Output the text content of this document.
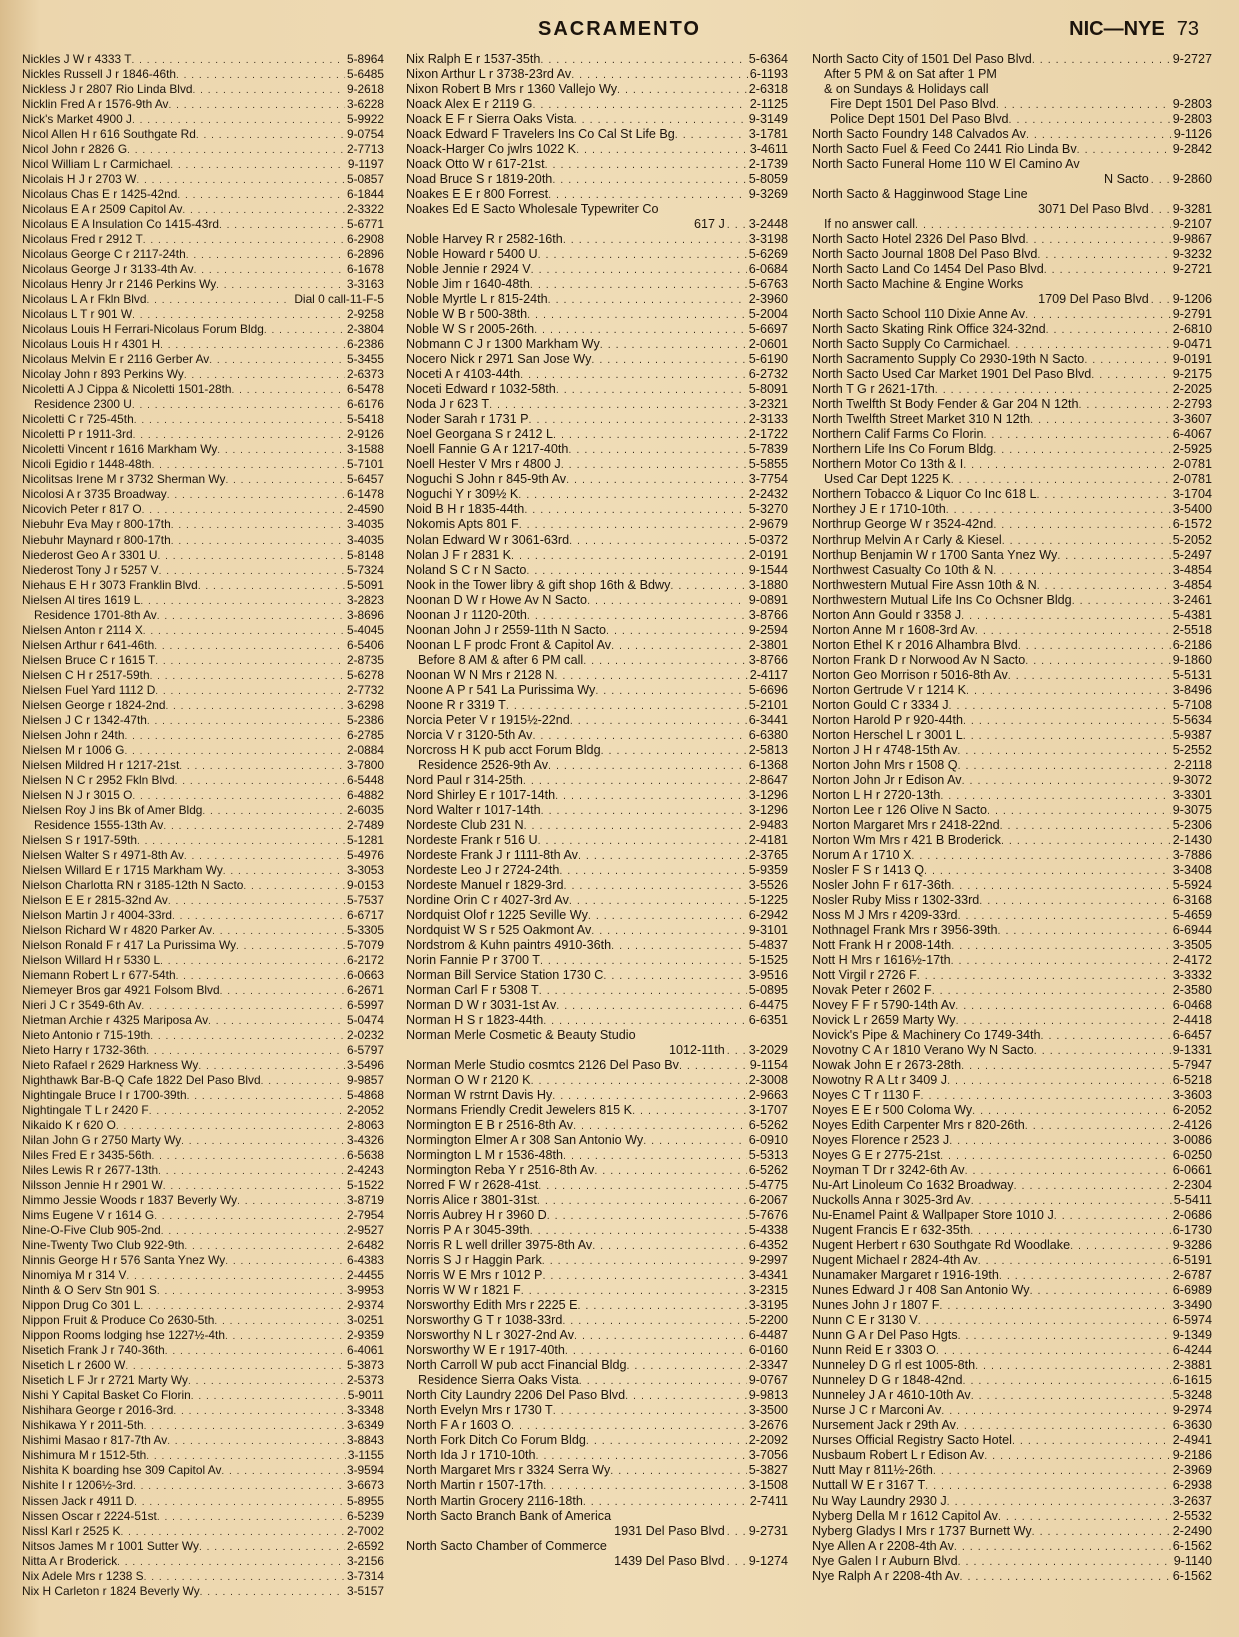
SACRAMENTO	NIC—NYE 73
Nickles J W r 4333 T . . .	5-8964
Nickles Russell J r 1846-46th . . .	5-6485
Nickless J r 2807 Rio Linda Blvd . . .	9-2618
Nicklin Fred A r 1576-9th Av . . .	3-6228
Nick's Market 4900 J . . .	5-9922
Nicol Allen H r 616 Southgate Rd . . .	9-0754
Nicol John r 2826 G . . .	2-7713
Nicol William L r Carmichael . . .	9-1197
Nicolais H J r 2703 W . . .	5-0857
Nicolaus Chas E r 1425-42nd . . .	6-1844
Nicolaus E A r 2509 Capitol Av . . .	2-3322
Nicolaus E A Insulation Co 1415-43rd . . .	5-6771
Nicolaus Fred r 2912 T . . .	6-2908
Nicolaus George C r 2117-24th . . .	6-2896
Nicolaus George J r 3133-4th Av . . .	6-1678
Nicolaus Henry Jr r 2146 Perkins Wy . . .	3-3163
Nicolaus L A r Fkln Blvd . . .	Dial 0 call-11-F-5
Nicolaus L T r 901 W . . .	2-9258
Nicolaus Louis H Ferrari-Nicolaus Forum Bldg . . .	2-3804
Nicolaus Louis H r 4301 H . . .	6-2386
Nicolaus Melvin E r 2116 Gerber Av . . .	5-3455
Nicolay John r 893 Perkins Wy . . .	2-6373
Nicoletti A J Cippa & Nicoletti 1501-28th . . .	6-5478
Residence 2300 U . . .	6-6176
Nicoletti C r 725-45th . . .	5-5418
Nicoletti P r 1911-3rd . . .	2-9126
Nicoletti Vincent r 1616 Markham Wy . . .	3-1588
Nicoli Egidio r 1448-48th . . .	5-7101
Nicolitsas Irene M r 3732 Sherman Wy . . .	5-6457
Nicolosi A r 3735 Broadway . . .	6-1478
Nicovich Peter r 817 O . . .	2-4590
Niebuhr Eva May r 800-17th . . .	3-4035
Niebuhr Maynard r 800-17th . . .	3-4035
Niederost Geo A r 3301 U . . .	5-8148
Niederost Tony J r 5257 V . . .	5-7324
Niehaus E H r 3073 Franklin Blvd . . .	5-5091
Nielsen Al tires 1619 L . . .	3-2823
Residence 1701-8th Av . . .	3-8696
Nielsen Anton r 2114 X . . .	5-4045
Nielsen Arthur r 641-46th . . .	6-5406
Nielsen Bruce C r 1615 T . . .	2-8735
Nielsen C H r 2517-59th . . .	5-6278
Nielsen Fuel Yard 1112 D . . .	2-7732
Nielsen George r 1824-2nd . . .	3-6298
Nielsen J C r 1342-47th . . .	5-2386
Nielsen John r 24th . . .	6-2785
Nielsen M r 1006 G . . .	2-0884
Nielsen Mildred H r 1217-21st . . .	3-7800
Nielsen N C r 2952 Fkln Blvd . . .	6-5448
Nielsen N J r 3015 O . . .	6-4882
Nielsen Roy J ins Bk of Amer Bldg . . .	2-6035
Residence 1555-13th Av . . .	2-7489
Nielsen S r 1917-59th . . .	5-1281
Nielsen Walter S r 4971-8th Av . . .	5-4976
Nielsen Willard E r 1715 Markham Wy . . .	3-3053
Nielson Charlotta RN r 3185-12th N Sacto . . .	9-0153
Nielson E E r 2815-32nd Av . . .	5-7537
Nielson Martin J r 4004-33rd . . .	6-6717
Nielson Richard W r 4820 Parker Av . . .	5-3305
Nielson Ronald F r 417 La Purissima Wy . . .	5-7079
Nielson Willard H r 5330 L . . .	6-2172
Niemann Robert L r 677-54th . . .	6-0663
Niemeyer Bros gar 4921 Folsom Blvd . . .	6-2671
Nieri J C r 3549-6th Av . . .	6-5997
Nietman Archie r 4325 Mariposa Av . . .	5-0474
Nieto Antonio r 715-19th . . .	2-0232
Nieto Harry r 1732-36th . . .	6-5797
Nieto Rafael r 2629 Harkness Wy . . .	3-5496
Nighthawk Bar-B-Q Cafe 1822 Del Paso Blvd . . .	9-9857
Nightingale Bruce I r 1700-39th . . .	5-4868
Nightingale T L r 2420 F . . .	2-2052
Nikaido K r 620 O . . .	2-8063
Nilan John G r 2750 Marty Wy . . .	3-4326
Niles Fred E r 3435-56th . . .	6-5638
Niles Lewis R r 2677-13th . . .	2-4243
Nilsson Jennie H r 2901 W . . .	5-1522
Nimmo Jessie Woods r 1837 Beverly Wy . . .	3-8719
Nims Eugene V r 1614 G . . .	2-7954
Nine-O-Five Club 905-2nd . . .	2-9527
Nine-Twenty Two Club 922-9th . . .	2-6482
Ninnis George H r 576 Santa Ynez Wy . . .	6-4383
Ninomiya M r 314 V . . .	2-4455
Ninth & O Serv Stn 901 S . . .	3-9953
Nippon Drug Co 301 L . . .	2-9374
Nippon Fruit & Produce Co 2630-5th . . .	3-0251
Nippon Rooms lodging hse 1227½-4th . . .	2-9359
Nisetich Frank J r 740-36th . . .	6-4061
Nisetich L r 2600 W . . .	5-3873
Nisetich L F Jr r 2721 Marty Wy . . .	2-5373
Nishi Y Capital Basket Co Florin . . .	5-9011
Nishihara George r 2016-3rd . . .	3-3348
Nishikawa Y r 2011-5th . . .	3-6349
Nishimi Masao r 817-7th Av . . .	3-8843
Nishimura M r 1512-5th . . .	3-1155
Nishita K boarding hse 309 Capitol Av . . .	3-9594
Nishite I r 1206½-3rd . . .	3-6673
Nissen Jack r 4911 D . . .	5-8955
Nissen Oscar r 2224-51st . . .	6-5239
Nissl Karl r 2525 K . . .	2-7002
Nitsos James M r 1001 Sutter Wy . . .	2-6592
Nitta A r Broderick . . .	3-2156
Nix Adele Mrs r 1238 S . . .	3-7314
Nix H Carleton r 1824 Beverly Wy . . .	3-5157
Nix Ralph E r 1537-35th . . .	5-6364
Nixon Arthur L r 3738-23rd Av . . .	6-1193
Nixon Robert B Mrs r 1360 Vallejo Wy . . .	2-6318
Noack Alex E r 2119 G . . .	2-1125
Noack E F r Sierra Oaks Vista . . .	9-3149
Noack Edward F Travelers Ins Co Cal St Life Bg . . .	3-1781
Noack-Harger Co jwlrs 1022 K . . .	3-4611
Noack Otto W r 617-21st . . .	2-1739
Noad Bruce S r 1819-20th . . .	5-8059
Noakes E E r 800 Forrest . . .	9-3269
Noakes Ed E Sacto Wholesale Typewriter Co
617 J . . . 3-2448
Noble Harvey R r 2582-16th . . .	3-3198
Noble Howard r 5400 U . . .	5-6269
Noble Jennie r 2924 V . . .	6-0684
Noble Jim r 1640-48th . . .	5-6763
Noble Myrtle L r 815-24th . . .	2-3960
Noble W B r 500-38th . . .	5-2004
Noble W S r 2005-26th . . .	5-6697
Nobmann C J r 1300 Markham Wy . . .	2-0601
Nocero Nick r 2971 San Jose Wy . . .	5-6190
Noceti A r 4103-44th . . .	6-2732
Noceti Edward r 1032-58th . . .	5-8091
Noda J r 623 T . . .	3-2321
Noder Sarah r 1731 P . . .	2-3133
Noel Georgana S r 2412 L . . .	2-1722
Noell Fannie G A r 1217-40th . . .	5-7839
Noell Hester V Mrs r 4800 J . . .	5-5855
Noguchi S John r 845-9th Av . . .	3-7754
Noguchi Y r 309½ K . . .	2-2432
Noid B H r 1835-44th . . .	5-3270
Nokomis Apts 801 F . . .	2-9679
Nolan Edward W r 3061-63rd . . .	5-0372
Nolan J F r 2831 K . . .	2-0191
Noland S C r N Sacto . . .	9-1544
Nook in the Tower libry & gift shop 16th & Bdwy . . .	3-1880
Noonan D W r Howe Av N Sacto . . .	9-0891
Noonan J r 1120-20th . . .	3-8766
Noonan John J r 2559-11th N Sacto . . .	9-2594
Noonan L F prodc Front & Capitol Av . . .	2-3801
Before 8 AM & after 6 PM call . . .	3-8766
Noonan W N Mrs r 2128 N . . .	2-4117
Noone A P r 541 La Purissima Wy . . .	5-6696
Noone R r 3319 T . . .	5-2101
Norcia Peter V r 1915½-22nd . . .	6-3441
Norcia V r 3120-5th Av . . .	6-6380
Norcross H K pub acct Forum Bldg . . .	2-5813
Residence 2526-9th Av . . .	6-1368
Nord Paul r 314-25th . . .	2-8647
Nord Shirley E r 1017-14th . . .	3-1296
Nord Walter r 1017-14th . . .	3-1296
Nordeste Club 231 N . . .	2-9483
Nordeste Frank r 516 U . . .	2-4181
Nordeste Frank J r 1111-8th Av . . .	2-3765
Nordeste Leo J r 2724-24th . . .	5-9359
Nordeste Manuel r 1829-3rd . . .	3-5526
Nordine Orin C r 4027-3rd Av . . .	5-1225
Nordquist Olof r 1225 Seville Wy . . .	6-2942
Nordquist W S r 525 Oakmont Av . . .	9-3101
Nordstrom & Kuhn paintrs 4910-36th . . .	5-4837
Norin Fannie P r 3700 T . . .	5-1525
Norman Bill Service Station 1730 C . . .	3-9516
Norman Carl F r 5308 T . . .	5-0895
Norman D W r 3031-1st Av . . .	6-4475
Norman H S r 1823-44th . . .	6-6351
Norman Merle Cosmetic & Beauty Studio
1012-11th . . . 3-2029
Norman Merle Studio cosmtcs 2126 Del Paso Bv . . .	9-1154
Norman O W r 2120 K . . .	2-3008
Norman W rstrnt Davis Hy . . .	2-9663
Normans Friendly Credit Jewelers 815 K . . .	3-1707
Normington E B r 2516-8th Av . . .	6-5262
Normington Elmer A r 308 San Antonio Wy . . .	6-0910
Normington L M r 1536-48th . . .	5-5313
Normington Reba Y r 2516-8th Av . . .	6-5262
Norred F W r 2628-41st . . .	5-4775
Norris Alice r 3801-31st . . .	6-2067
Norris Aubrey H r 3960 D . . .	5-7676
Norris P A r 3045-39th . . .	5-4338
Norris R L well driller 3975-8th Av . . .	6-4352
Norris S J r Haggin Park . . .	9-2997
Norris W E Mrs r 1012 P . . .	3-4341
Norris W W r 1821 F . . .	3-2315
Norsworthy Edith Mrs r 2225 E . . .	3-3195
Norsworthy G T r 1038-33rd . . .	5-2200
Norsworthy N L r 3027-2nd Av . . .	6-4487
Norsworthy W E r 1917-40th . . .	6-0160
North Carroll W pub acct Financial Bldg . . .	2-3347
Residence Sierra Oaks Vista . . .	9-0767
North City Laundry 2206 Del Paso Blvd . . .	9-9813
North Evelyn Mrs r 1730 T . . .	3-3500
North F A r 1603 O . . .	3-2676
North Fork Ditch Co Forum Bldg . . .	2-2092
North Ida J r 1710-10th . . .	3-7056
North Margaret Mrs r 3324 Serra Wy . . .	5-3827
North Martin r 1507-17th . . .	3-1508
North Martin Grocery 2116-18th . . .	2-7411
North Sacto Branch Bank of America
1931 Del Paso Blvd . . . 9-2731
North Sacto Chamber of Commerce
1439 Del Paso Blvd . . . 9-1274
North Sacto City of 1501 Del Paso Blvd . . .	9-2727
After 5 PM & on Sat after 1 PM
& on Sundays & Holidays call
Fire Dept 1501 Del Paso Blvd . . .	9-2803
Police Dept 1501 Del Paso Blvd . . .	9-2803
North Sacto Foundry 148 Calvados Av . . .	9-1126
North Sacto Fuel & Feed Co 2441 Rio Linda Bv . . .	9-2842
North Sacto Funeral Home 110 W El Camino Av
N Sacto . . . 9-2860
North Sacto & Hagginwood Stage Line
3071 Del Paso Blvd . . . 9-3281
If no answer call . . .	9-2107
North Sacto Hotel 2326 Del Paso Blvd . . .	9-9867
North Sacto Journal 1808 Del Paso Blvd . . .	9-3232
North Sacto Land Co 1454 Del Paso Blvd . . .	9-2721
North Sacto Machine & Engine Works
1709 Del Paso Blvd . . . 9-1206
North Sacto School 110 Dixie Anne Av . . .	9-2791
North Sacto Skating Rink Office 324-32nd . . .	2-6810
North Sacto Supply Co Carmichael . . .	9-0471
North Sacramento Supply Co 2930-19th N Sacto . . .	9-0191
North Sacto Used Car Market 1901 Del Paso Blvd . . .	9-2175
North T G r 2621-17th . . .	2-2025
North Twelfth St Body Fender & Gar 204 N 12th . . .	2-2793
North Twelfth Street Market 310 N 12th . . .	3-3607
Northern Calif Farms Co Florin . . .	6-4067
Northern Life Ins Co Forum Bldg . . .	2-5925
Northern Motor Co 13th & I . . .	2-0781
Used Car Dept 1225 K . . .	2-0781
Northern Tobacco & Liquor Co Inc 618 L . . .	3-1704
Northey J E r 1710-10th . . .	3-5400
Northrup George W r 3524-42nd . . .	6-1572
Northrup Melvin A r Carly & Kiesel . . .	5-2052
Northup Benjamin W r 1700 Santa Ynez Wy . . .	5-2497
Northwest Casualty Co 10th & N . . .	3-4854
Northwestern Mutual Fire Assn 10th & N . . .	3-4854
Northwestern Mutual Life Ins Co Ochsner Bldg . . .	3-2461
Norton Ann Gould r 3358 J . . .	5-4381
Norton Anne M r 1608-3rd Av . . .	2-5518
Norton Ethel K r 2016 Alhambra Blvd . . .	6-2186
Norton Frank D r Norwood Av N Sacto . . .	9-1860
Norton Geo Morrison r 5016-8th Av . . .	5-5131
Norton Gertrude V r 1214 K . . .	3-8496
Norton Gould C r 3334 J . . .	5-7108
Norton Harold P r 920-44th . . .	5-5634
Norton Herschel L r 3001 L . . .	5-9387
Norton J H r 4748-15th Av . . .	5-2552
Norton John Mrs r 1508 Q . . .	2-2118
Norton John Jr r Edison Av . . .	9-3072
Norton L H r 2720-13th . . .	3-3301
Norton Lee r 126 Olive N Sacto . . .	9-3075
Norton Margaret Mrs r 2418-22nd . . .	5-2306
Norton Wm Mrs r 421 B Broderick . . .	2-1430
Norum A r 1710 X . . .	3-7886
Nosler F S r 1413 Q . . .	3-3408
Nosler John F r 617-36th . . .	5-5924
Nosler Ruby Miss r 1302-33rd . . .	6-3168
Noss M J Mrs r 4209-33rd . . .	5-4659
Nothnagel Frank Mrs r 3956-39th . . .	6-6944
Nott Frank H r 2008-14th . . .	3-3505
Nott H Mrs r 1616½-17th . . .	2-4172
Nott Virgil r 2726 F . . .	3-3332
Novak Peter r 2602 F . . .	2-3580
Novey F F r 5790-14th Av . . .	6-0468
Novick L r 2659 Marty Wy . . .	2-4418
Novick's Pipe & Machinery Co 1749-34th . . .	6-6457
Novotny C A r 1810 Verano Wy N Sacto . . .	9-1331
Nowak John E r 2673-28th . . .	5-7947
Nowotny R A Lt r 3409 J . . .	6-5218
Noyes C T r 1130 F . . .	3-3603
Noyes E E r 500 Coloma Wy . . .	6-2052
Noyes Edith Carpenter Mrs r 820-26th . . .	2-4126
Noyes Florence r 2523 J . . .	3-0086
Noyes G E r 2775-21st . . .	6-0250
Noyman T Dr r 3242-6th Av . . .	6-0661
Nu-Art Linoleum Co 1632 Broadway . . .	2-2304
Nuckolls Anna r 3025-3rd Av . . .	5-5411
Nu-Enamel Paint & Wallpaper Store 1010 J . . .	2-0686
Nugent Francis E r 632-35th . . .	6-1730
Nugent Herbert r 630 Southgate Rd Woodlake . . .	9-3286
Nugent Michael r 2824-4th Av . . .	6-5191
Nunamaker Margaret r 1916-19th . . .	2-6787
Nunes Edward J r 408 San Antonio Wy . . .	6-6989
Nunes John J r 1807 F . . .	3-3490
Nunn C E r 3130 V . . .	6-5974
Nunn G A r Del Paso Hgts . . .	9-1349
Nunn Reid E r 3303 O . . .	6-4244
Nunneley D G rl est 1005-8th . . .	2-3881
Nunneley D G r 1848-42nd . . .	6-1615
Nunneley J A r 4610-10th Av . . .	5-3248
Nurse J C r Marconi Av . . .	9-2974
Nursement Jack r 29th Av . . .	6-3630
Nurses Official Registry Sacto Hotel . . .	2-4941
Nusbaum Robert L r Edison Av . . .	9-2186
Nutt May r 811½-26th . . .	2-3969
Nuttall W E r 3167 T . . .	6-2938
Nu Way Laundry 2930 J . . .	3-2637
Nyberg Della M r 1612 Capitol Av . . .	2-5532
Nyberg Gladys I Mrs r 1737 Burnett Wy . . .	2-2490
Nye Allen A r 2208-4th Av . . .	6-1562
Nye Galen I r Auburn Blvd . . .	9-1140
Nye Ralph A r 2208-4th Av . . .	6-1562
